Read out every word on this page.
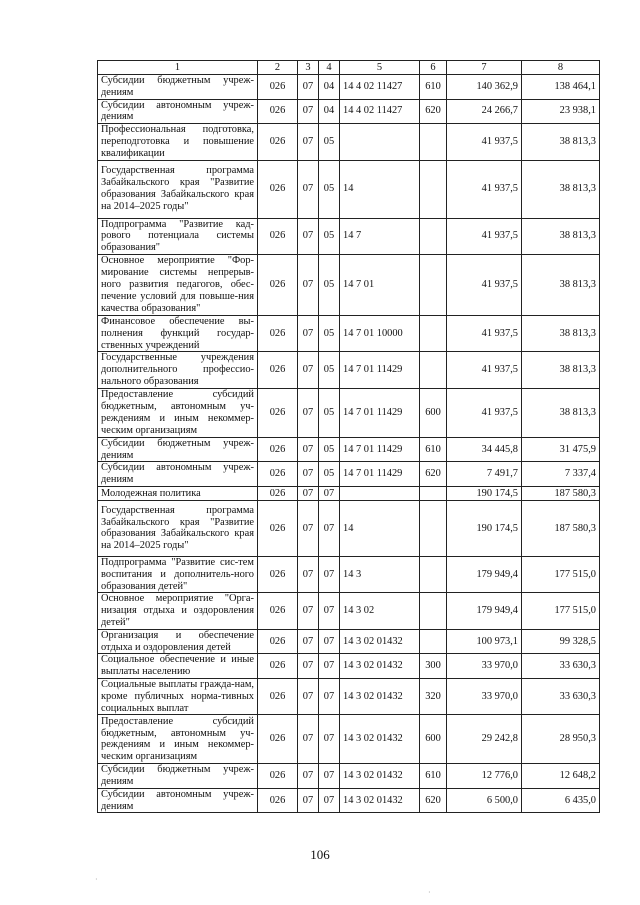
1	2	3	4	5	6	7	8
Субсидии бюджетным учреж-дениям	026	07	04	14 4 02 11427	610	140 362,9	138 464,1
Субсидии автономным учреж-дениям	026	07	04	14 4 02 11427	620	24 266,7	23 938,1
Профессиональная подготовка, переподготовка и повышение квалификации	026	07	05			41 937,5	38 813,3
Государственная программа Забайкальского края "Развитие образования Забайкальского края на 2014–2025 годы"	026	07	05	14		41 937,5	38 813,3
Подпрограмма "Развитие кад-рового потенциала системы образования"	026	07	05	14 7		41 937,5	38 813,3
Основное мероприятие "Фор-мирование системы непрерыв-ного развития педагогов, обес-печение условий для повыше-ния качества образования"	026	07	05	14 7 01		41 937,5	38 813,3
Финансовое обеспечение вы-полнения функций государ-ственных учреждений	026	07	05	14 7 01 10000		41 937,5	38 813,3
Государственные учреждения дополнительного профессио-нального образования	026	07	05	14 7 01 11429		41 937,5	38 813,3
Предоставление субсидий бюджетным, автономным уч-реждениям и иным некоммер-ческим организациям	026	07	05	14 7 01 11429	600	41 937,5	38 813,3
Субсидии бюджетным учреж-дениям	026	07	05	14 7 01 11429	610	34 445,8	31 475,9
Субсидии автономным учреж-дениям	026	07	05	14 7 01 11429	620	7 491,7	7 337,4
Молодежная политика	026	07	07			190 174,5	187 580,3
Государственная программа Забайкальского края "Развитие образования Забайкальского края на 2014–2025 годы"	026	07	07	14		190 174,5	187 580,3
Подпрограмма "Развитие сис-тем воспитания и дополнитель-ного образования детей"	026	07	07	14 3		179 949,4	177 515,0
Основное мероприятие "Орга-низация отдыха и оздоровления детей"	026	07	07	14 3 02		179 949,4	177 515,0
Организация и обеспечение отдыха и оздоровления детей	026	07	07	14 3 02 01432		100 973,1	99 328,5
Социальное обеспечение и иные выплаты населению	026	07	07	14 3 02 01432	300	33 970,0	33 630,3
Социальные выплаты гражда-нам, кроме публичных норма-тивных социальных выплат	026	07	07	14 3 02 01432	320	33 970,0	33 630,3
Предоставление субсидий бюджетным, автономным уч-реждениям и иным некоммер-ческим организациям	026	07	07	14 3 02 01432	600	29 242,8	28 950,3
Субсидии бюджетным учреж-дениям	026	07	07	14 3 02 01432	610	12 776,0	12 648,2
Субсидии автономным учреж-дениям	026	07	07	14 3 02 01432	620	6 500,0	6 435,0
106
·
·
